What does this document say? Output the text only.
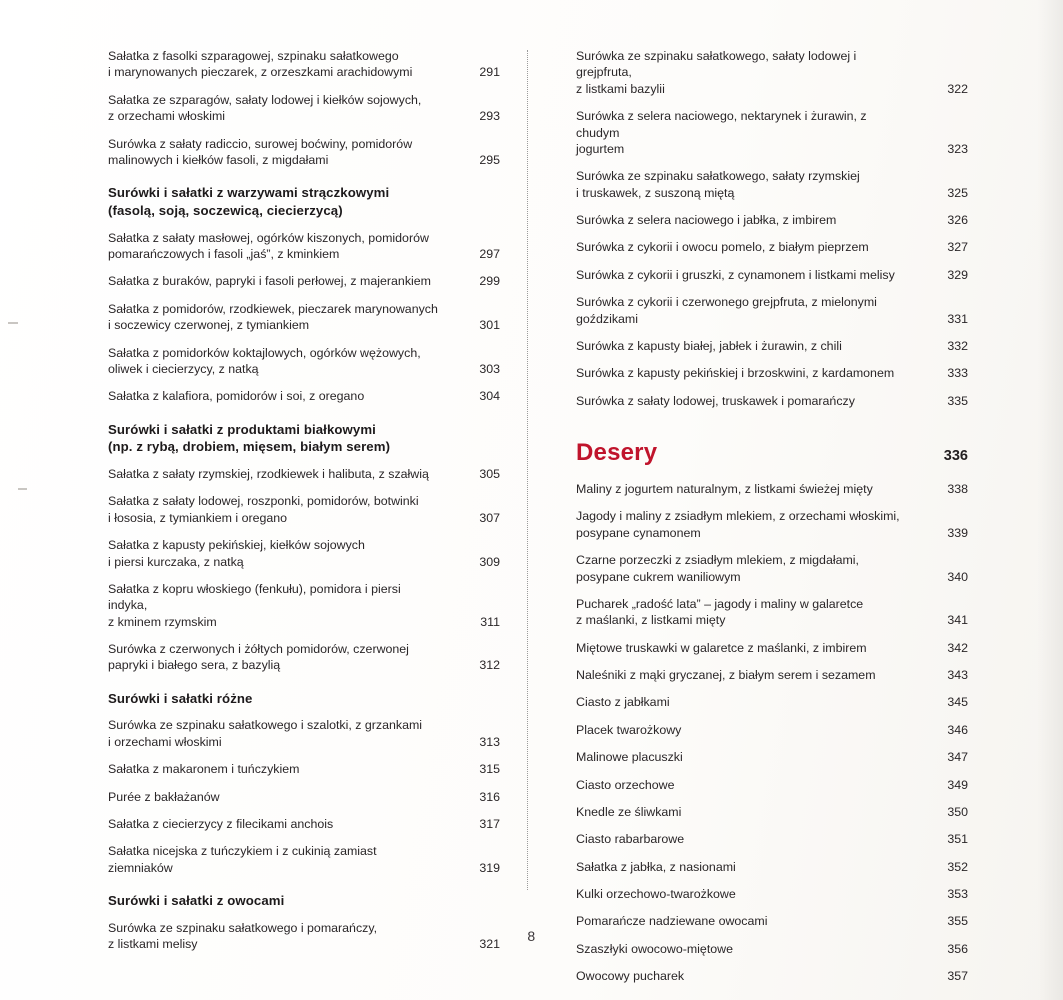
Sałatka z fasolki szparagowej, szpinaku sałatkowego
i marynowanych pieczarek, z orzeszkami arachidowymi	291
Sałatka ze szparagów, sałaty lodowej i kiełków sojowych,
z orzechami włoskimi	293
Surówka z sałaty radiccio, surowej boćwiny, pomidorów
malinowych i kiełków fasoli, z migdałami	295
Surówki i sałatki z warzywami strączkowymi
(fasolą, soją, soczewicą, ciecierzycą)
Sałatka z sałaty masłowej, ogórków kiszonych, pomidorów
pomarańczowych i fasoli „jaś”, z kminkiem	297
Sałatka z buraków, papryki i fasoli perłowej, z majerankiem	299
Sałatka z pomidorów, rzodkiewek, pieczarek marynowanych
i soczewicy czerwonej, z tymiankiem	301
Sałatka z pomidorków koktajlowych, ogórków wężowych,
oliwek i ciecierzycy, z natką	303
Sałatka z kalafiora, pomidorów i soi, z oregano	304
Surówki i sałatki z produktami białkowymi
(np. z rybą, drobiem, mięsem, białym serem)
Sałatka z sałaty rzymskiej, rzodkiewek i halibuta, z szałwią	305
Sałatka z sałaty lodowej, roszponki, pomidorów, botwinki
i łososia, z tymiankiem i oregano	307
Sałatka z kapusty pekińskiej, kiełków sojowych
i piersi kurczaka, z natką	309
Sałatka z kopru włoskiego (fenkułu), pomidora i piersi indyka,
z kminem rzymskim	311
Surówka z czerwonych i żółtych pomidorów, czerwonej
papryki i białego sera, z bazylią	312
Surówki i sałatki różne
Surówka ze szpinaku sałatkowego i szalotki, z grzankami
i orzechami włoskimi	313
Sałatka z makaronem i tuńczykiem	315
Purée z bakłażanów	316
Sałatka z ciecierzycy z filecikami anchois	317
Sałatka nicejska z tuńczykiem i z cukinią zamiast ziemniaków	319
Surówki i sałatki z owocami
Surówka ze szpinaku sałatkowego i pomarańczy,
z listkami melisy	321
Surówka ze szpinaku sałatkowego, sałaty lodowej i grejpfruta,
z listkami bazylii	322
Surówka z selera naciowego, nektarynek i żurawin, z chudym
jogurtem	323
Surówka ze szpinaku sałatkowego, sałaty rzymskiej
i truskawek, z suszoną miętą	325
Surówka z selera naciowego i jabłka, z imbirem	326
Surówka z cykorii i owocu pomelo, z białym pieprzem	327
Surówka z cykorii i gruszki, z cynamonem i listkami melisy	329
Surówka z cykorii i czerwonego grejpfruta, z mielonymi
goździkami	331
Surówka z kapusty białej, jabłek i żurawin, z chili	332
Surówka z kapusty pekińskiej i brzoskwini, z kardamonem	333
Surówka z sałaty lodowej, truskawek i pomarańczy	335
Desery	336
Maliny z jogurtem naturalnym, z listkami świeżej mięty	338
Jagody i maliny z zsiadłym mlekiem, z orzechami włoskimi,
posypane cynamonem	339
Czarne porzeczki z zsiadłym mlekiem, z migdałami,
posypane cukrem waniliowym	340
Pucharek „radość lata” – jagody i maliny w galaretce
z maślanki, z listkami mięty	341
Miętowe truskawki w galaretce z maślanki, z imbirem	342
Naleśniki z mąki gryczanej, z białym serem i sezamem	343
Ciasto z jabłkami	345
Placek twarożkowy	346
Malinowe placuszki	347
Ciasto orzechowe	349
Knedle ze śliwkami	350
Ciasto rabarbarowe	351
Sałatka z jabłka, z nasionami	352
Kulki orzechowo-twarożkowe	353
Pomarańcze nadziewane owocami	355
Szaszłyki owocowo-miętowe	356
Owocowy pucharek	357
8
